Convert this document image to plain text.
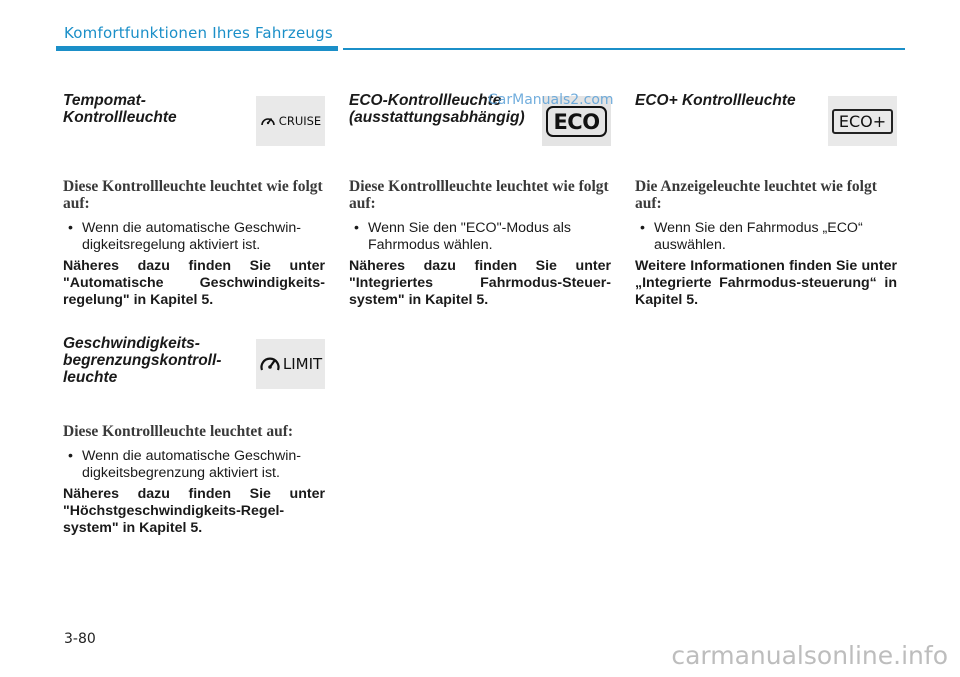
Komfortfunktionen Ihres Fahrzeugs

Tempomat-Kontrollleuchte	CRUISE

Diese Kontrollleuchte leuchtet wie folgt auf:

• Wenn die automatische Geschwin-digkeitsregelung aktiviert ist.

Näheres dazu finden Sie unter "Automatische Geschwindigkeits-regelung" in Kapitel 5.

Geschwindigkeits-begrenzungskontroll-leuchte

LIMIT

Diese Kontrollleuchte leuchtet auf:

• Wenn die automatische Geschwin-digkeitsbegrenzung aktiviert ist.

Näheres dazu finden Sie unter "Höchstgeschwindigkeits-Regel-system" in Kapitel 5.

ECO-Kontrollleuchte (ausstattungsabhängig)	ECO

Diese Kontrollleuchte leuchtet wie folgt auf:

• Wenn Sie den "ECO"-Modus als Fahrmodus wählen.

Näheres dazu finden Sie unter "Integriertes Fahrmodus-Steuer-system" in Kapitel 5.

ECO+ Kontrollleuchte

ECO+

Die Anzeigeleuchte leuchtet wie folgt auf:

• Wenn Sie den Fahrmodus „ECO“ auswählen.

Weitere Informationen finden Sie unter „Integrierte Fahrmodus-steuerung“ in Kapitel 5.

CarManuals2.com
3-80
carmanualsonline.info
